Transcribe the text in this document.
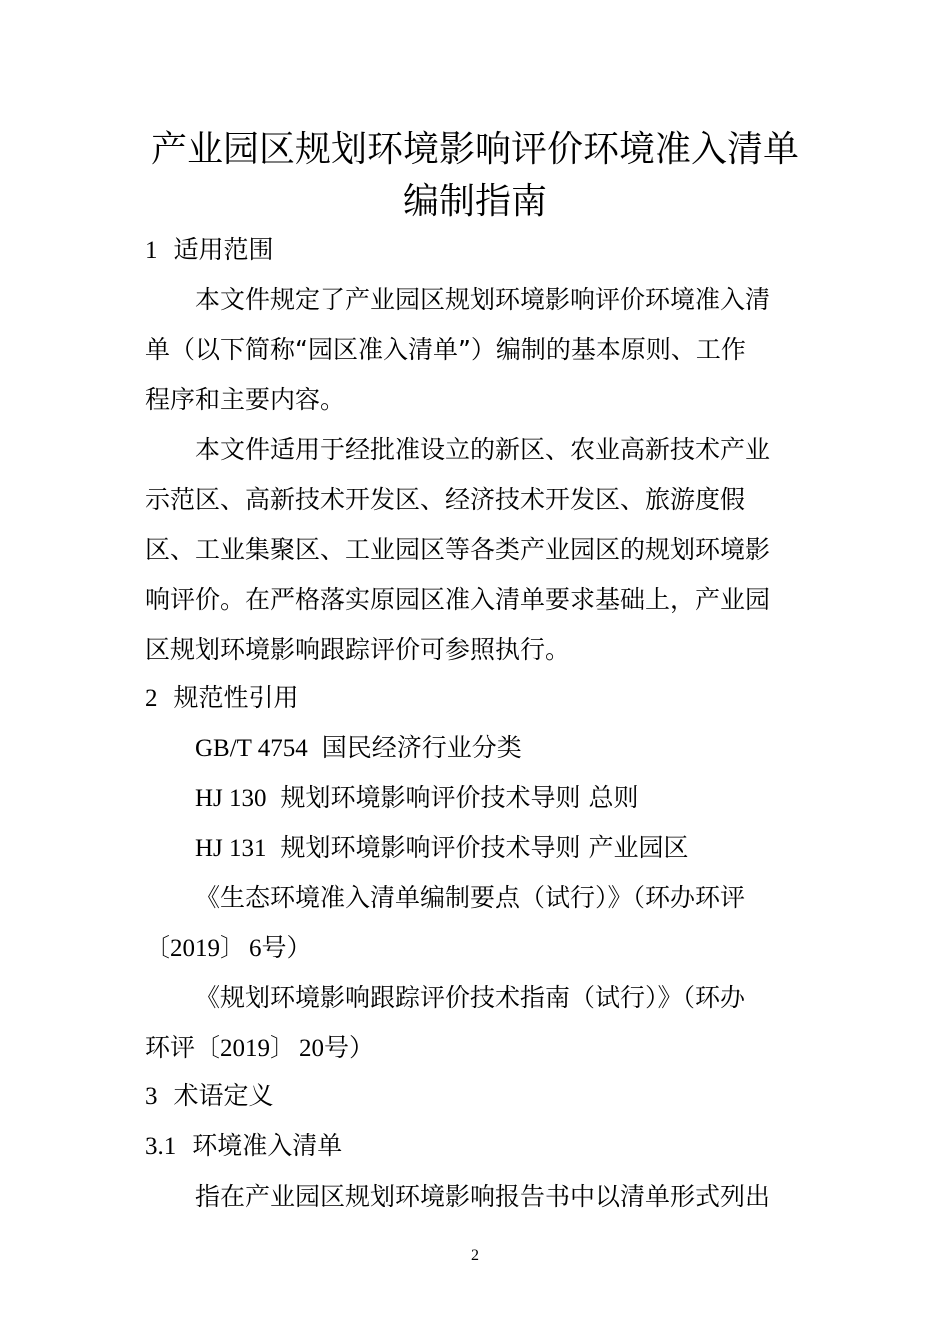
产业园区规划环境影响评价环境准入清单
编制指南
1 适用范围
本文件规定了产业园区规划环境影响评价环境准入清
单（以下简称“园区准入清单”）编制的基本原则、工作
程序和主要内容。
本文件适用于经批准设立的新区、农业高新技术产业
示范区、高新技术开发区、经济技术开发区、旅游度假
区、工业集聚区、工业园区等各类产业园区的规划环境影
响评价。在严格落实原园区准入清单要求基础上，产业园
区规划环境影响跟踪评价可参照执行。
2 规范性引用
GB/T 4754 国民经济行业分类
HJ 130 规划环境影响评价技术导则 总则
HJ 131 规划环境影响评价技术导则 产业园区
《生态环境准入清单编制要点（试行）》（环办环评
〔2019〕 6号）
《规划环境影响跟踪评价技术指南（试行）》（环办
环评〔2019〕 20号）
3 术语定义
3.1 环境准入清单
指在产业园区规划环境影响报告书中以清单形式列出
2
